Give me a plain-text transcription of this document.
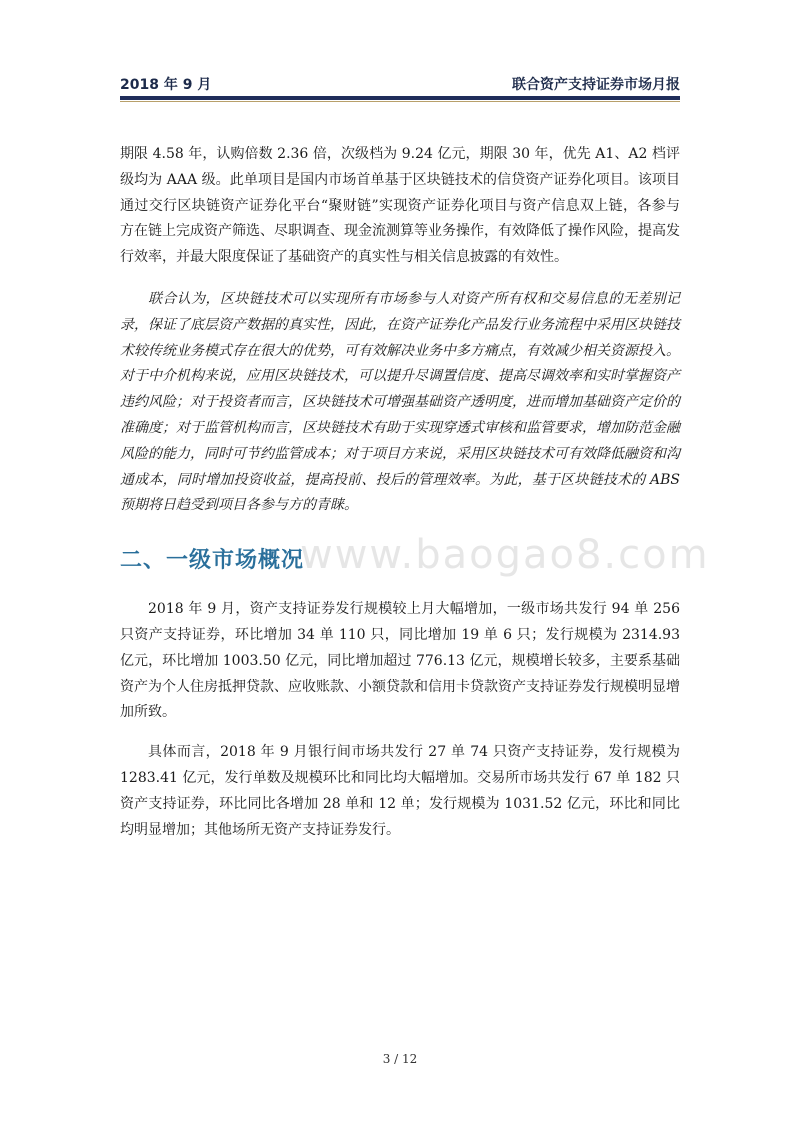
2018 年 9 月	联合资产支持证券市场月报

期限 4.58 年，认购倍数 2.36 倍，次级档为 9.24 亿元，期限 30 年，优先 A1、A2 档评级均为 AAA 级。此单项目是国内市场首单基于区块链技术的信贷资产证券化项目。该项目通过交行区块链资产证券化平台“聚财链”实现资产证券化项目与资产信息双上链，各参与方在链上完成资产筛选、尽职调查、现金流测算等业务操作，有效降低了操作风险，提高发行效率，并最大限度保证了基础资产的真实性与相关信息披露的有效性。

联合认为，区块链技术可以实现所有市场参与人对资产所有权和交易信息的无差别记录，保证了底层资产数据的真实性，因此，在资产证券化产品发行业务流程中采用区块链技术较传统业务模式存在很大的优势，可有效解决业务中多方痛点，有效减少相关资源投入。对于中介机构来说，应用区块链技术，可以提升尽调置信度、提高尽调效率和实时掌握资产违约风险；对于投资者而言，区块链技术可增强基础资产透明度，进而增加基础资产定价的准确度；对于监管机构而言，区块链技术有助于实现穿透式审核和监管要求，增加防范金融风险的能力，同时可节约监管成本；对于项目方来说，采用区块链技术可有效降低融资和沟通成本，同时增加投资收益，提高投前、投后的管理效率。为此，基于区块链技术的 ABS 预期将日趋受到项目各参与方的青睐。

二、一级市场概况

2018 年 9 月，资产支持证券发行规模较上月大幅增加，一级市场共发行 94 单 256 只资产支持证券，环比增加 34 单 110 只，同比增加 19 单 6 只；发行规模为 2314.93 亿元，环比增加 1003.50 亿元，同比增加超过 776.13 亿元，规模增长较多，主要系基础资产为个人住房抵押贷款、应收账款、小额贷款和信用卡贷款资产支持证券发行规模明显增加所致。

具体而言，2018 年 9 月银行间市场共发行 27 单 74 只资产支持证券，发行规模为 1283.41 亿元，发行单数及规模环比和同比均大幅增加。交易所市场共发行 67 单 182 只资产支持证券，环比同比各增加 28 单和 12 单；发行规模为 1031.52 亿元，环比和同比均明显增加；其他场所无资产支持证券发行。

www.baogao8.com
3 / 12
